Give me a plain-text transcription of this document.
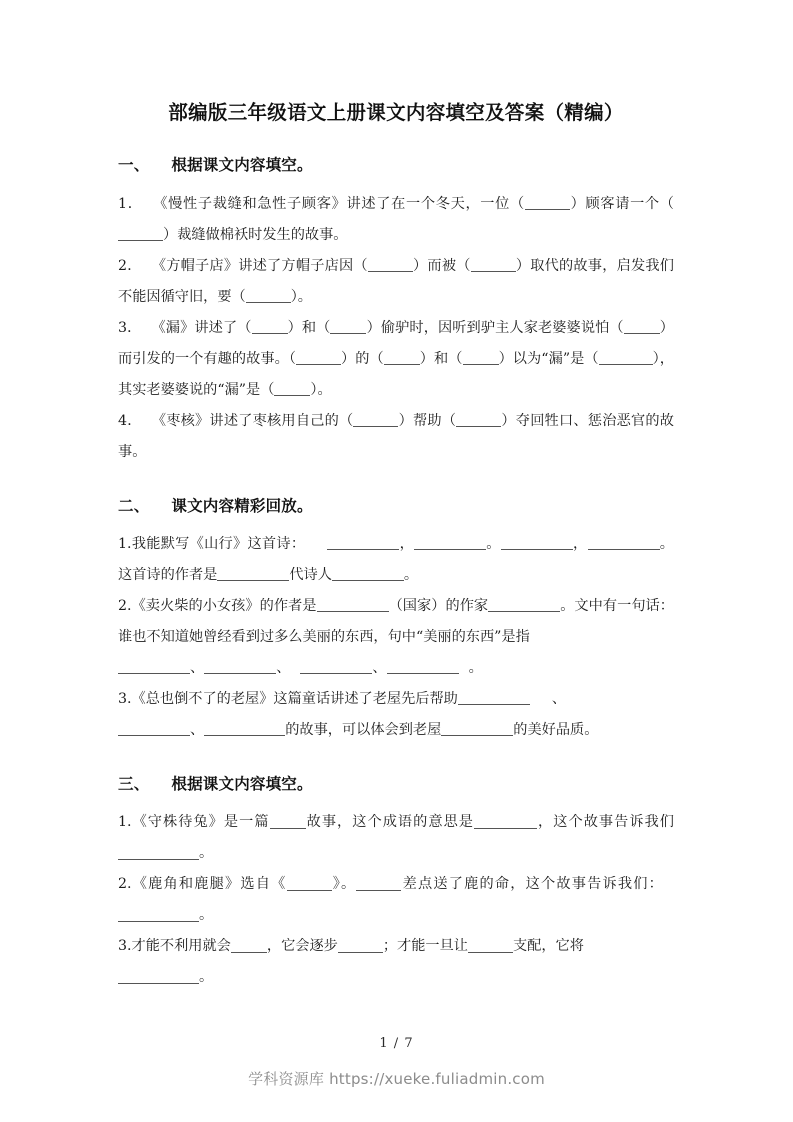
部编版三年级语文上册课文内容填空及答案（精编）
一、 根据课文内容填空。
1． 《慢性子裁缝和急性子顾客》讲述了在一个冬天，一位（	）顾客请一个（）裁缝做棉袄时发生的故事。
2． 《方帽子店》讲述了方帽子店因（	）而被（	）取代的故事，启发我们不能因循守旧，要（	）。
3． 《漏》讲述了（	）和（	）偷驴时，因听到驴主人家老婆婆说怕（	）而引发的一个有趣的故事。（	）的（	）和（	）以为“漏”是（	），其实老婆婆说的“漏”是（	）。
4． 《枣核》讲述了枣核用自己的（	）帮助（	）夺回牲口、惩治恶官的故事。
二、 课文内容精彩回放。
1.我能默写《山行》这首诗：	，	。	，	。这首诗的作者是	代诗人	。
2.《卖火柴的小女孩》的作者是	（国家）的作家	。文中有一句话：谁也不知道她曾经看到过多么美丽的东西，句中“美丽的东西”是指
、	、	、	。
3.《总也倒不了的老屋》这篇童话讲述了老屋先后帮助	、
、	的故事，可以体会到老屋	的美好品质。
三、 根据课文内容填空。
1.《守株待兔》是一篇	故事，这个成语的意思是	，这个故事告诉我们。
2.《鹿角和鹿腿》选自《	》。	差点送了鹿的命，这个故事告诉我们：。
3.才能不利用就会	，它会逐步	；才能一旦让	支配，它将
。
1 / 7
学科资源库 https://xueke.fuliadmin.com
